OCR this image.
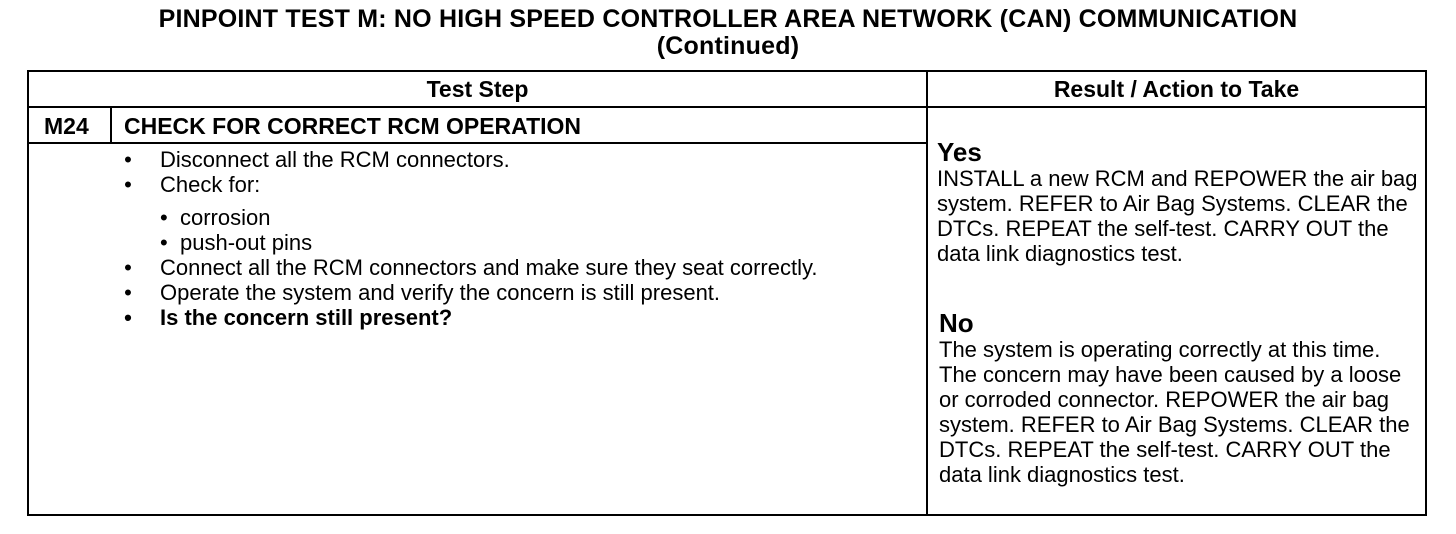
PINPOINT TEST M: NO HIGH SPEED CONTROLLER AREA NETWORK (CAN) COMMUNICATION
(Continued)
Test Step	Result / Action to Take
M24 CHECK FOR CORRECT RCM OPERATION
• Disconnect all the RCM connectors.
• Check for:
• corrosion
• push-out pins
• Connect all the RCM connectors and make sure they seat correctly.
• Operate the system and verify the concern is still present.
• Is the concern still present?
Yes
INSTALL a new RCM and REPOWER the air bag system. REFER to Air Bag Systems. CLEAR the DTCs. REPEAT the self-test. CARRY OUT the data link diagnostics test.
No
The system is operating correctly at this time. The concern may have been caused by a loose or corroded connector. REPOWER the air bag system. REFER to Air Bag Systems. CLEAR the DTCs. REPEAT the self-test. CARRY OUT the data link diagnostics test.
